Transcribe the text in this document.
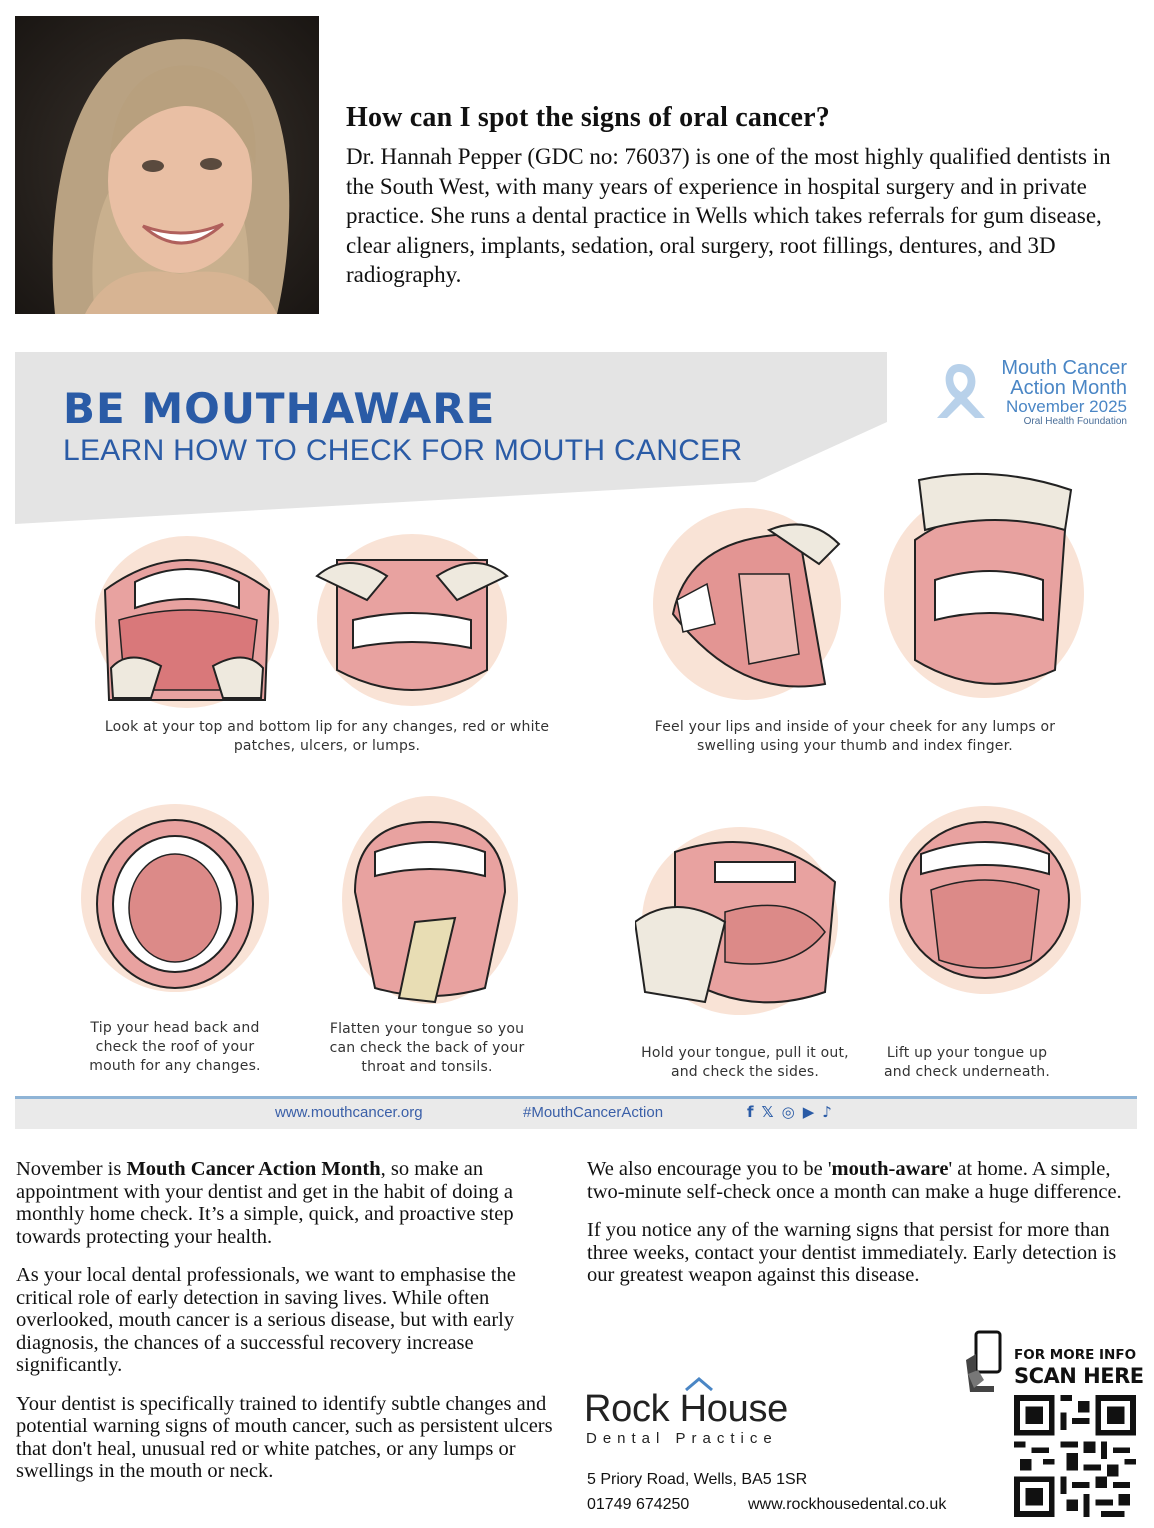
How can I spot the signs of oral cancer?

Dr. Hannah Pepper (GDC no: 76037) is one of the most highly qualified dentists in the South West, with many years of experience in hospital surgery and in private practice. She runs a dental practice in Wells which takes referrals for gum disease, clear aligners, implants, sedation, oral surgery, root fillings, dentures, and 3D radiography.

BE MOUTHAWARE
LEARN HOW TO CHECK FOR MOUTH CANCER
Mouth Cancer
Action Month
November 2025
Oral Health Foundation
Look at your top and bottom lip for any changes, red or white patches, ulcers, or lumps.
Feel your lips and inside of your cheek for any lumps or swelling using your thumb and index finger.
Tip your head back and check the roof of your mouth for any changes.
Flatten your tongue so you can check the back of your throat and tonsils.
Hold your tongue, pull it out, and check the sides.
Lift up your tongue up and check underneath.
www.mouthcancer.org	#MouthCancerAction	f 𝕏 ◎ ▶ ♪

November is Mouth Cancer Action Month, so make an appointment with your dentist and get in the habit of doing a monthly home check. It’s a simple, quick, and proactive step towards protecting your health.

As your local dental professionals, we want to emphasise the critical role of early detection in saving lives. While often overlooked, mouth cancer is a serious disease, but with early diagnosis, the chances of a successful recovery increase significantly.

Your dentist is specifically trained to identify subtle changes and potential warning signs of mouth cancer, such as persistent ulcers that don't heal, unusual red or white patches, or any lumps or swellings in the mouth or neck.

We also encourage you to be 'mouth-aware' at home. A simple, two-minute self-check once a month can make a huge difference.

If you notice any of the warning signs that persist for more than three weeks, contact your dentist immediately. Early detection is our greatest weapon against this disease.

Rock House
Dental Practice
5 Priory Road, Wells, BA5 1SR
01749 674250	www.rockhousedental.co.uk
FOR MORE INFO
SCAN HERE
